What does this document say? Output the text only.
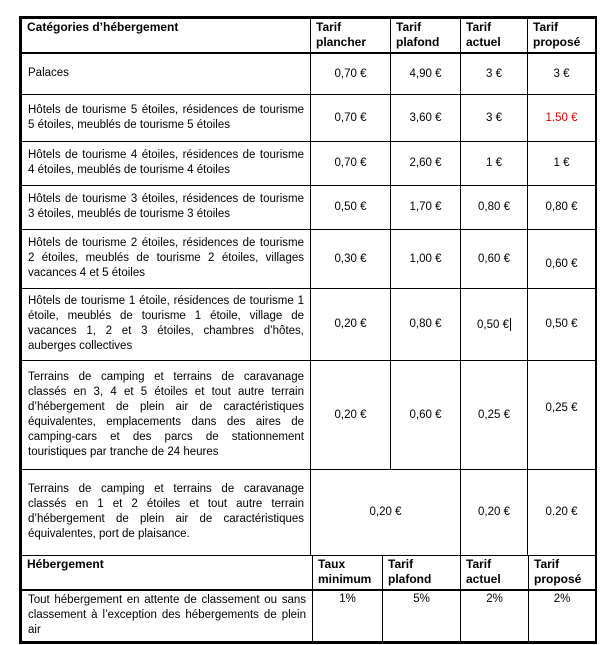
Catégories d’hébergement	Tarif plancher	Tarif plafond	Tarif actuel	Tarif proposé
Palaces	0,70 €	4,90 €	3 €	3 €
Hôtels de tourisme 5 étoiles, résidences de tourisme 5 étoiles, meublés de tourisme 5 étoiles	0,70 €	3,60 €	3 €	1.50 €
Hôtels de tourisme 4 étoiles, résidences de tourisme 4 étoiles, meublés de tourisme 4 étoiles	0,70 €	2,60 €	1 €	1 €
Hôtels de tourisme 3 étoiles, résidences de tourisme 3 étoiles, meublés de tourisme 3 étoiles	0,50 €	1,70 €	0,80 €	0,80 €
Hôtels de tourisme 2 étoiles, résidences de tourisme 2 étoiles, meublés de tourisme 2 étoiles, villages vacances 4 et 5 étoiles	0,30 €	1,00 €	0,60 €	0,60 €
Hôtels de tourisme 1 étoile, résidences de tourisme 1 étoile, meublés de tourisme 1 étoile, village de vacances 1, 2 et 3 étoiles, chambres d’hôtes, auberges collectives	0,20 €	0,80 €	0,50 €	0,50 €
Terrains de camping et terrains de caravanage classés en 3, 4 et 5 étoiles et tout autre terrain d’hébergement de plein air de caractéristiques équivalentes, emplacements dans des aires de camping-cars et des parcs de stationnement touristiques par tranche de 24 heures	0,20 €	0,60 €	0,25 €	0,25 €
Terrains de camping et terrains de caravanage classés en 1 et 2 étoiles et tout autre terrain d’hébergement de plein air de caractéristiques équivalentes, port de plaisance.	0,20 €		0,20 €	0.20 €
Hébergement	Taux minimum	Tarif plafond	Tarif actuel	Tarif proposé
Tout hébergement en attente de classement ou sans classement à l’exception des hébergements de plein air	1%	5%	2%	2%
